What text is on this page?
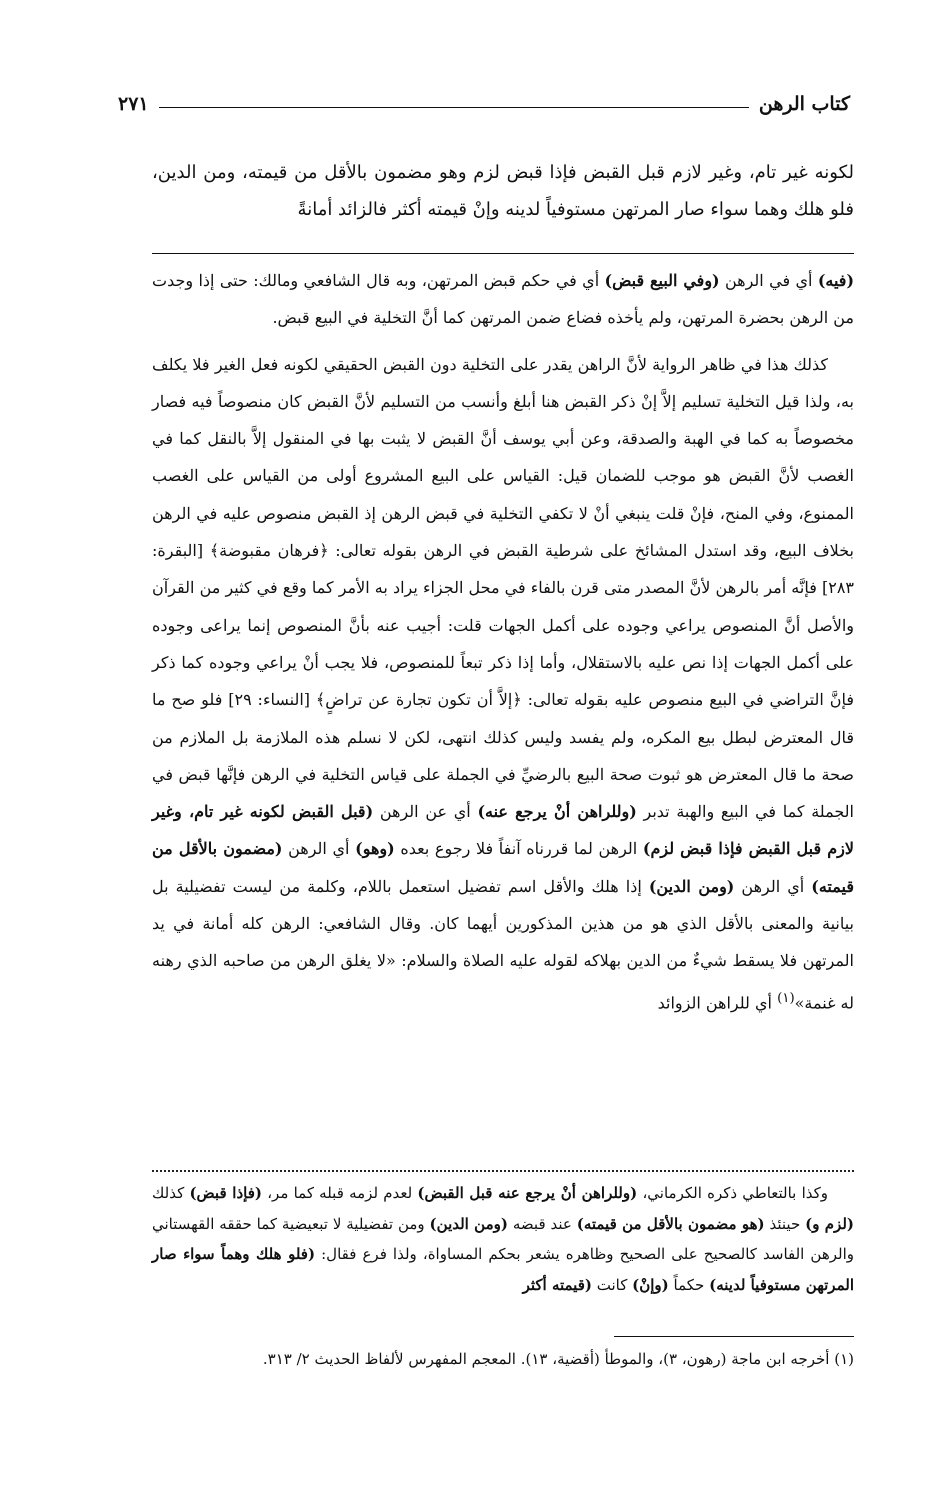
كتاب الرهن
٢٧١

لكونه غير تام، وغير لازم قبل القبض فإذا قبض لزم وهو مضمون بالأقل من قيمته، ومن الدين، فلو هلك وهما سواء صار المرتهن مستوفياً لدينه وإنْ قيمته أكثر فالزائد أمانةً

(فيه) أي في الرهن (وفي البيع قبض) أي في حكم قبض المرتهن، وبه قال الشافعي ومالك: حتى إذا وجدت من الرهن بحضرة المرتهن، ولم يأخذه فضاع ضمن المرتهن كما أنَّ التخلية في البيع قبض.

كذلك هذا في ظاهر الرواية لأنَّ الراهن يقدر على التخلية دون القبض الحقيقي لكونه فعل الغير فلا يكلف به، ولذا قيل التخلية تسليم إلاَّ إنْ ذكر القبض هنا أبلغ وأنسب من التسليم لأنَّ القبض كان منصوصاً فيه فصار مخصوصاً به كما في الهبة والصدقة، وعن أبي يوسف أنَّ القبض لا يثبت بها في المنقول إلاَّ بالنقل كما في الغصب لأنَّ القبض هو موجب للضمان قيل: القياس على البيع المشروع أولى من القياس على الغصب الممنوع، وفي المنح، فإنْ قلت ينبغي أنْ لا تكفي التخلية في قبض الرهن إذ القبض منصوص عليه في الرهن بخلاف البيع، وقد استدل المشائخ على شرطية القبض في الرهن بقوله تعالى: ﴿فرهان مقبوضة﴾ [البقرة: ٢٨٣] فإنَّه أمر بالرهن لأنَّ المصدر متى قرن بالفاء في محل الجزاء يراد به الأمر كما وقع في كثير من القرآن والأصل أنَّ المنصوص يراعي وجوده على أكمل الجهات قلت: أجيب عنه بأنَّ المنصوص إنما يراعى وجوده على أكمل الجهات إذا نص عليه بالاستقلال، وأما إذا ذكر تبعاً للمنصوص، فلا يجب أنْ يراعي وجوده كما ذكر فإنَّ التراضي في البيع منصوص عليه بقوله تعالى: ﴿إلاَّ أن تكون تجارة عن تراضٍ﴾ [النساء: ٢٩] فلو صح ما قال المعترض لبطل بيع المكره، ولم يفسد وليس كذلك انتهى، لكن لا نسلم هذه الملازمة بل الملازم من صحة ما قال المعترض هو ثبوت صحة البيع بالرضيِّ في الجملة على قياس التخلية في الرهن فإنَّها قبض في الجملة كما في البيع والهبة تدبر (وللراهن أنْ يرجع عنه) أي عن الرهن (قبل القبض لكونه غير تام، وغير لازم قبل القبض فإذا قبض لزم) الرهن لما قررناه آنفاً فلا رجوع بعده (وهو) أي الرهن (مضمون بالأقل من قيمته) أي الرهن (ومن الدين) إذا هلك والأقل اسم تفضيل استعمل باللام، وكلمة من ليست تفضيلية بل بيانية والمعنى بالأقل الذي هو من هذين المذكورين أيهما كان. وقال الشافعي: الرهن كله أمانة في يد المرتهن فلا يسقط شيءٌ من الدين بهلاكه لقوله عليه الصلاة والسلام: «لا يغلق الرهن من صاحبه الذي رهنه له غنمة»$^{(١)}$ أي للراهن الزوائد

وكذا بالتعاطي ذكره الكرماني، (وللراهن أنْ يرجع عنه قبل القبض) لعدم لزمه قبله كما مر، (فإذا قبض) كذلك (لزم و) حينئذ (هو مضمون بالأقل من قيمته) عند قبضه (ومن الدين) ومن تفضيلية لا تبعيضية كما حققه القهستاني والرهن الفاسد كالصحيح على الصحيح وظاهره يشعر بحكم المساواة، ولذا فرع فقال: (فلو هلك وهماً سواء صار المرتهن مستوفياً لدينه) حكماً (وإنْ) كانت (قيمته أكثر

(١) أخرجه ابن ماجة (رهون، ٣)، والموطأ (أقضية، ١٣). المعجم المفهرس لألفاظ الحديث ٢/ ٣١٣.
